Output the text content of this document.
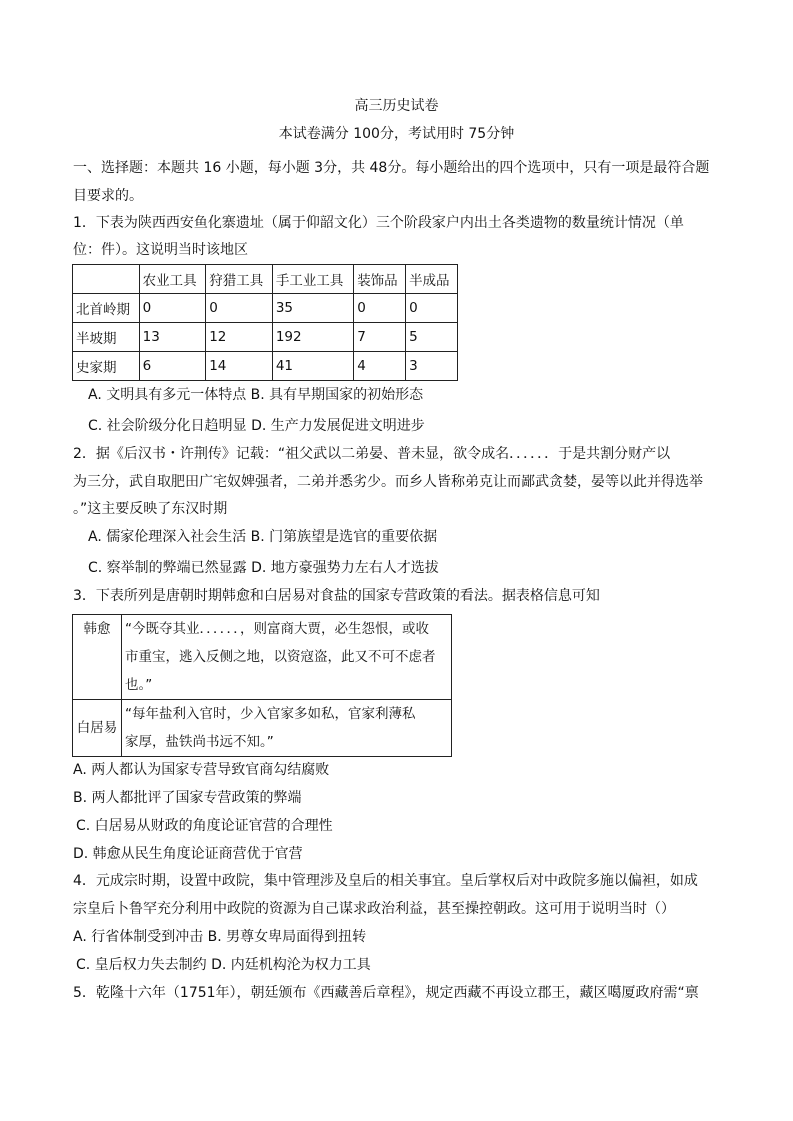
高三历史试卷
本试卷满分 100分，考试用时 75分钟
一、选择题：本题共 16 小题，每小题 3分，共 48分。每小题给出的四个选项中，只有一项是最符合题
目要求的。
1．下表为陕西西安鱼化寨遗址（属于仰韶文化）三个阶段家户内出土各类遗物的数量统计情况（单
位：件）。这说明当时该地区
	农业工具	狩猎工具	手工业工具	装饰品	半成品
北首岭期	0	0	35	0	0
半坡期	13	12	192	7	5
史家期	6	14	41	4	3
A. 文明具有多元一体特点 B. 具有早期国家的初始形态
C. 社会阶级分化日趋明显 D. 生产力发展促进文明进步
2．据《后汉书・许荆传》记载：“祖父武以二弟晏、普未显，欲令成名．．．．．．于是共割分财产以
为三分，武自取肥田广宅奴婢强者，二弟并悉劣少。而乡人皆称弟克让而鄙武贪婪，晏等以此并得选举
。”这主要反映了东汉时期
A. 儒家伦理深入社会生活 B. 门第族望是选官的重要依据
C. 察举制的弊端已然显露 D. 地方豪强势力左右人才选拔
3．下表所列是唐朝时期韩愈和白居易对食盐的国家专营政策的看法。据表格信息可知
韩愈	“今既夺其业．．．．．．，则富商大贾，必生怨恨，或收
市重宝，逃入反侧之地，以资寇盗，此又不可不虑者
也。”

白居易	“每年盐利入官时，少入官家多如私，官家利薄私
家厚，盐铁尚书远不知。”
A. 两人都认为国家专营导致官商勾结腐败
B. 两人都批评了国家专营政策的弊端
C. 白居易从财政的角度论证官营的合理性
D. 韩愈从民生角度论证商营优于官营
4．元成宗时期，设置中政院，集中管理涉及皇后的相关事宜。皇后掌权后对中政院多施以偏袒，如成
宗皇后卜鲁罕充分利用中政院的资源为自己谋求政治利益，甚至操控朝政。这可用于说明当时（）
A. 行省体制受到冲击 B. 男尊女卑局面得到扭转
C. 皇后权力失去制约 D. 内廷机构沦为权力工具
5．乾隆十六年（1751年），朝廷颁布《西藏善后章程》，规定西藏不再设立郡王，藏区噶厦政府需“禀
